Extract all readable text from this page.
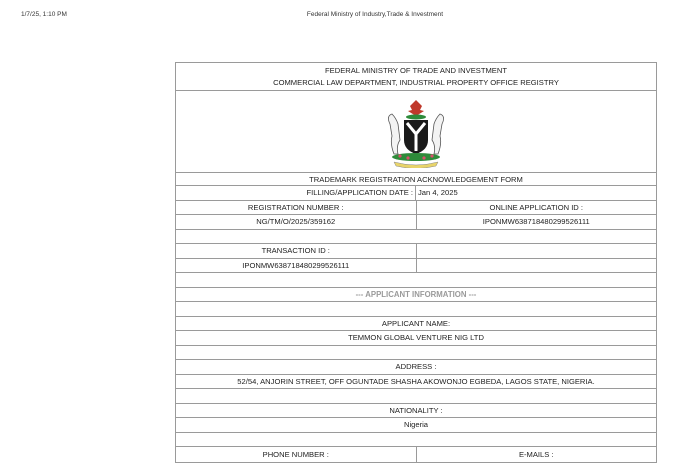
1/7/25, 1:10 PM	Federal Ministry of Industry,Trade & Investment
FEDERAL MINISTRY OF TRADE AND INVESTMENT
COMMERCIAL LAW DEPARTMENT, INDUSTRIAL PROPERTY OFFICE REGISTRY
TRADEMARK REGISTRATION ACKNOWLEDGEMENT FORM
FILLING/APPLICATION DATE : Jan 4, 2025
REGISTRATION NUMBER :	ONLINE APPLICATION ID :
NG/TM/O/2025/359162	IPONMW638718480299526111
TRANSACTION ID :
IPONMW638718480299526111
--- APPLICANT INFORMATION ---
APPLICANT NAME:
TEMMON GLOBAL VENTURE NIG LTD
ADDRESS :
52/54, ANJORIN STREET, OFF OGUNTADE SHASHA AKOWONJO EGBEDA, LAGOS STATE, NIGERIA.
NATIONALITY :
Nigeria
PHONE NUMBER :	E-MAILS :
